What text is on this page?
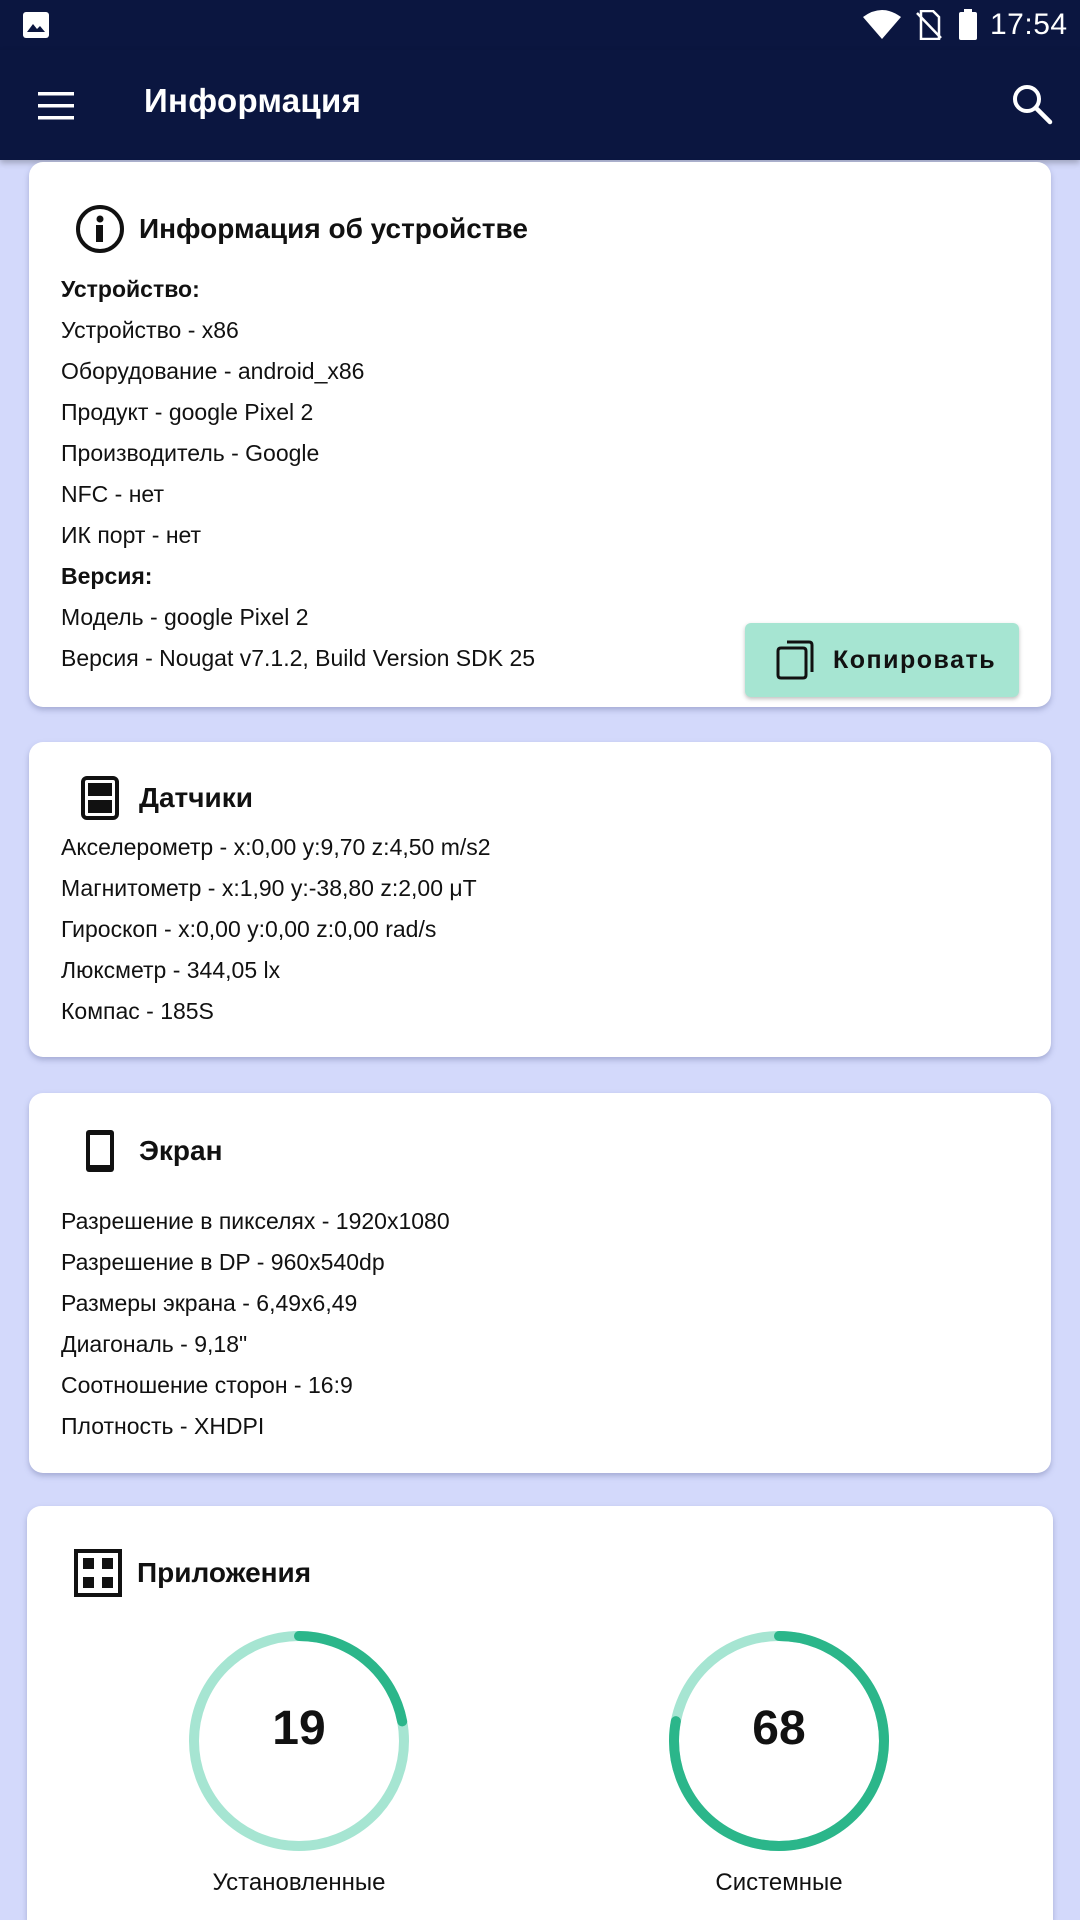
17:54
Информация
Информация об устройстве
Устройство:
Устройство - x86
Оборудование - android_x86
Продукт - google Pixel 2
Производитель - Google
NFC - нет
ИК порт - нет
Версия:
Модель - google Pixel 2
Версия - Nougat v7.1.2, Build Version SDK 25	Копировать
Датчики
Акселерометр - x:0,00 y:9,70 z:4,50 m/s2
Магнитометр - x:1,90 y:-38,80 z:2,00 μT
Гироскоп - x:0,00 y:0,00 z:0,00 rad/s
Люксметр - 344,05 lx
Компас - 185S
Экран
Разрешение в пикселях - 1920x1080
Разрешение в DP - 960x540dp
Размеры экрана - 6,49x6,49
Диагональ - 9,18"
Соотношение сторон - 16:9
Плотность - XHDPI
Приложения
19
Установленные
68
Системные
